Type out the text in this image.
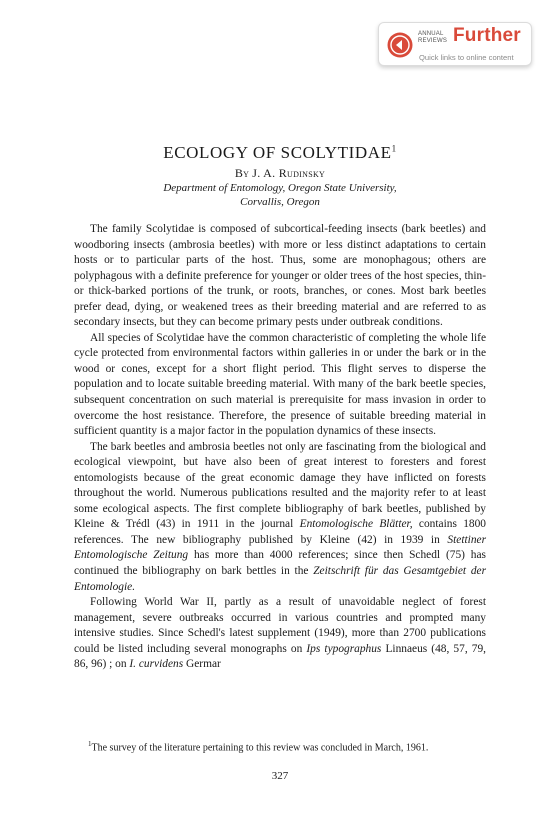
ANNUAL
REVIEWS Further
Quick links to online content
ECOLOGY OF SCOLYTIDAE$^1$
By J. A. Rudinsky
Department of Entomology, Oregon State University,
Corvallis, Oregon

The family Scolytidae is composed of subcortical-feeding insects (bark beetles) and woodboring insects (ambrosia beetles) with more or less distinct adaptations to certain hosts or to particular parts of the host. Thus, some are monophagous; others are polyphagous with a definite preference for younger or older trees of the host species, thin- or thick-barked portions of the trunk, or roots, branches, or cones. Most bark beetles prefer dead, dying, or weakened trees as their breeding material and are referred to as secondary insects, but they can become primary pests under outbreak conditions.

All species of Scolytidae have the common characteristic of completing the whole life cycle protected from environmental factors within galleries in or under the bark or in the wood or cones, except for a short flight period. This flight serves to disperse the population and to locate suitable breeding material. With many of the bark beetle species, subsequent concentration on such material is prerequisite for mass invasion in order to overcome the host resistance. Therefore, the presence of suitable breeding material in sufficient quantity is a major factor in the population dynamics of these insects.

The bark beetles and ambrosia beetles not only are fascinating from the biological and ecological viewpoint, but have also been of great interest to foresters and forest entomologists because of the great economic damage they have inflicted on forests throughout the world. Numerous publications resulted and the majority refer to at least some ecological aspects. The first complete bibliography of bark beetles, published by Kleine & Trédl (43) in 1911 in the journal Entomologische Blätter, contains 1800 references. The new bibliography published by Kleine (42) in 1939 in Stettiner Entomologische Zeitung has more than 4000 references; since then Schedl (75) has continued the bibliography on bark bettles in the Zeitschrift für das Gesamtgebiet der Entomologie.

Following World War II, partly as a result of unavoidable neglect of forest management, severe outbreaks occurred in various countries and prompted many intensive studies. Since Schedl's latest supplement (1949), more than 2700 publications could be listed including several monographs on Ips typographus Linnaeus (48, 57, 79, 86, 96) ; on I. curvidens Germar

$^1$The survey of the literature pertaining to this review was concluded in March, 1961.
327
